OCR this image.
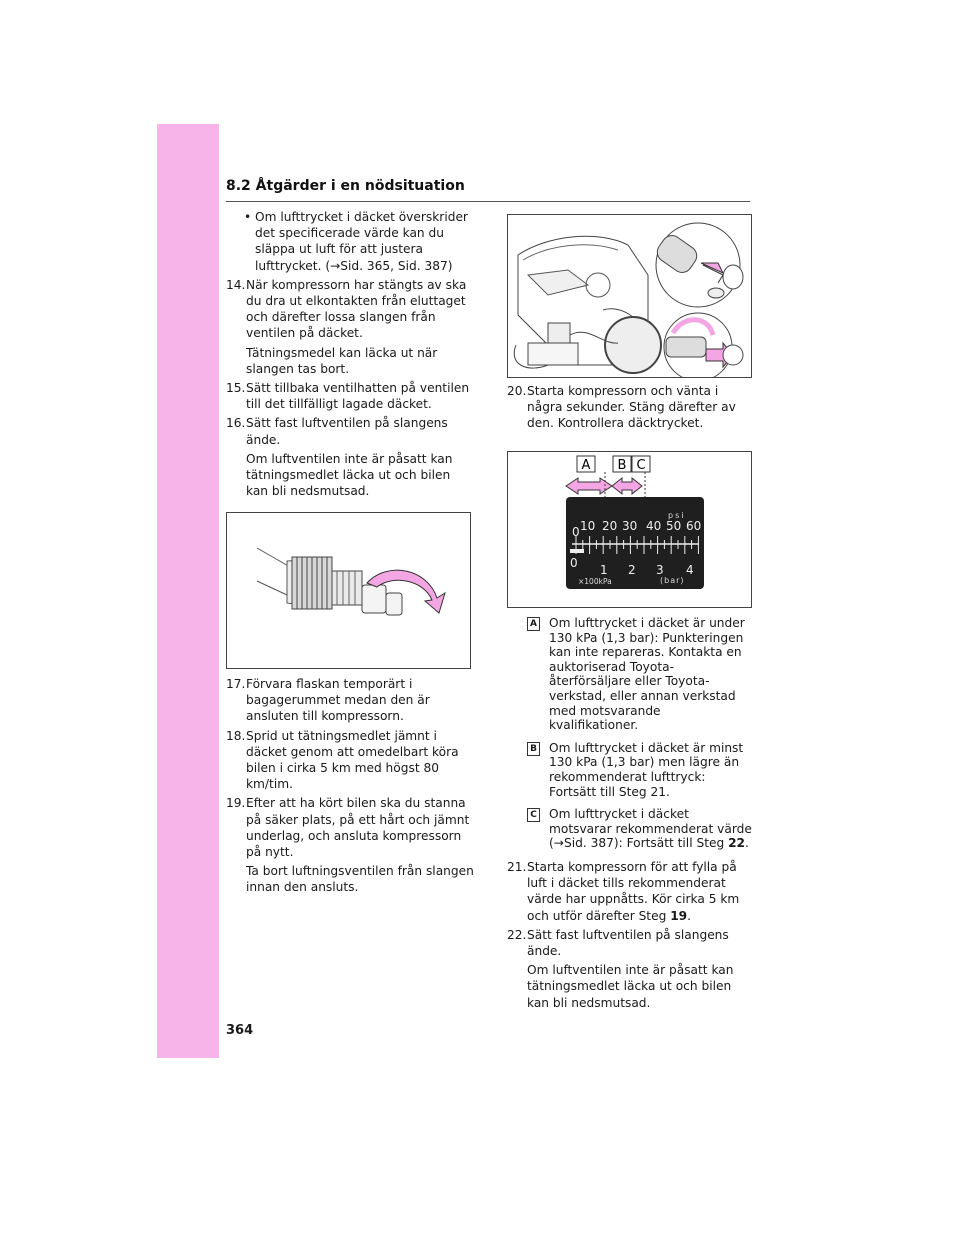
8.2 Åtgärder i en nödsituation
• Om lufttrycket i däcket överskrider det specificerade värde kan du släppa ut luft för att justera lufttrycket. (→Sid. 365, Sid. 387)
14. När kompressorn har stängts av ska du dra ut elkontakten från eluttaget och därefter lossa slangen från ventilen på däcket.

Tätningsmedel kan läcka ut när slangen tas bort.

15. Sätt tillbaka ventilhatten på ventilen till det tillfälligt lagade däcket.

16. Sätt fast luftventilen på slangens ände.

Om luftventilen inte är påsatt kan tätningsmedlet läcka ut och bilen kan bli nedsmutsad.

17. Förvara flaskan temporärt i bagagerummet medan den är ansluten till kompressorn.

18. Sprid ut tätningsmedlet jämnt i däcket genom att omedelbart köra bilen i cirka 5 km med högst 80 km/tim.

19. Efter att ha kört bilen ska du stanna på säker plats, på ett hårt och jämnt underlag, och ansluta kompressorn på nytt.

Ta bort luftningsventilen från slangen innan den ansluts.

20. Starta kompressorn och vänta i några sekunder. Stäng därefter av den. Kontrollera däcktrycket.

A B C
psi
0 10 20 30 40 50 60
0 1 2 3 4
×100kPa	(bar)
A Om lufttrycket i däcket är under 130 kPa (1,3 bar): Punkteringen kan inte repareras. Kontakta en auktoriserad Toyota-återförsäljare eller Toyota-verkstad, eller annan verkstad med motsvarande kvalifikationer.
B Om lufttrycket i däcket är minst 130 kPa (1,3 bar) men lägre än rekommenderat lufttryck: Fortsätt till Steg 21.
C	Om lufttrycket i däcket motsvarar rekommenderat värde (→Sid. 387): Fortsätt till Steg 22.
21. Starta kompressorn för att fylla på luft i däcket tills rekommenderat värde har uppnåtts. Kör cirka 5 km och utför därefter Steg 19.

22. Sätt fast luftventilen på slangens ände.

Om luftventilen inte är påsatt kan tätningsmedlet läcka ut och bilen kan bli nedsmutsad.

364
